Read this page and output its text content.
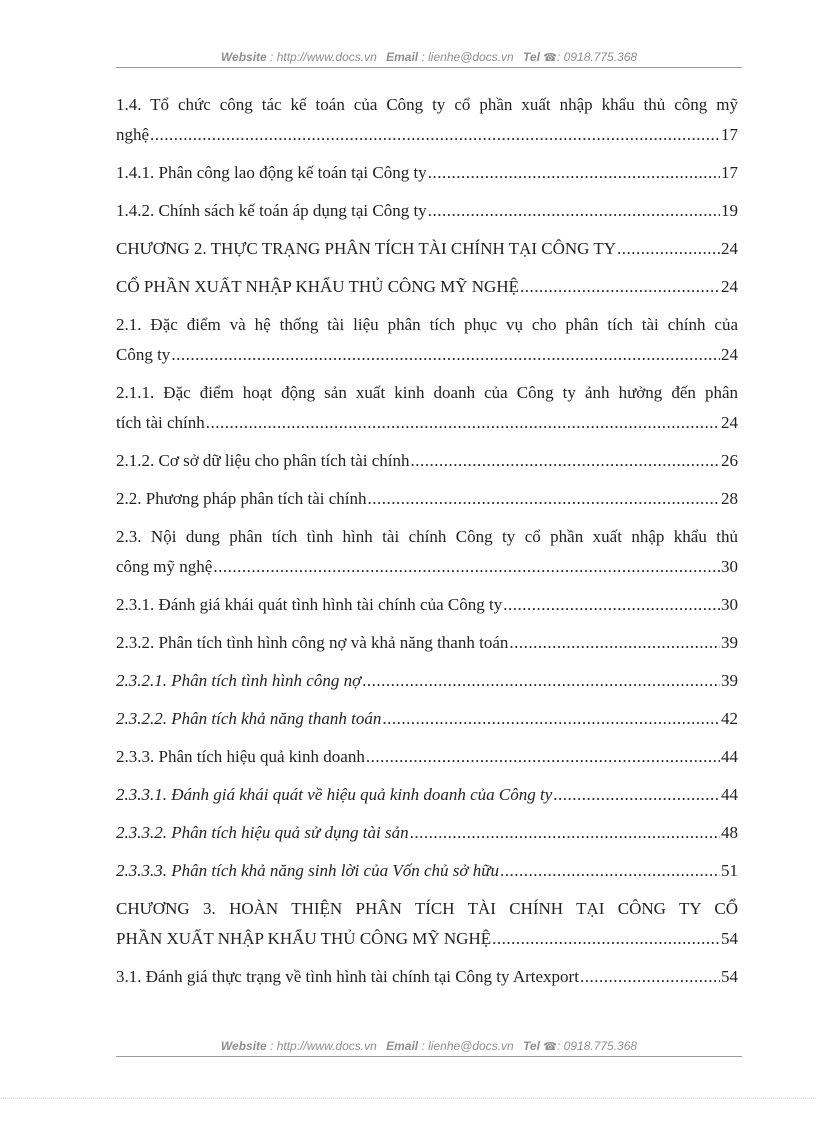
Website : http://www.docs.vn Email : lienhe@docs.vn Tel ☎: 0918.775.368
1.4. Tổ chức công tác kế toán của Công ty cổ phần xuất nhập khẩu thủ công mỹ
nghệ .....	17
1.4.1. Phân công lao động kế toán tại Công ty .....	17
1.4.2. Chính sách kế toán áp dụng tại Công ty .....	19
CHƯƠNG 2. THỰC TRẠNG PHÂN TÍCH TÀI CHÍNH TẠI CÔNG TY .....	24
CỔ PHẦN XUẤT NHẬP KHẨU THỦ CÔNG MỸ NGHỆ .....	24
2.1. Đặc điểm và hệ thống tài liệu phân tích phục vụ cho phân tích tài chính của
Công ty .....	24
2.1.1. Đặc điểm hoạt động sản xuất kinh doanh của Công ty ảnh hưởng đến phân
tích tài chính .....	24
2.1.2. Cơ sở dữ liệu cho phân tích tài chính .....	26
2.2. Phương pháp phân tích tài chính .....	28
2.3. Nội dung phân tích tình hình tài chính Công ty cổ phần xuất nhập khẩu thủ
công mỹ nghệ .....	30
2.3.1. Đánh giá khái quát tình hình tài chính của Công ty .....	30
2.3.2. Phân tích tình hình công nợ và khả năng thanh toán .....	39
2.3.2.1. Phân tích tình hình công nợ .....	39
2.3.2.2. Phân tích khả năng thanh toán .....	42
2.3.3. Phân tích hiệu quả kinh doanh .....	44
2.3.3.1. Đánh giá khái quát về hiệu quả kinh doanh của Công ty .....	44
2.3.3.2. Phân tích hiệu quả sử dụng tài sản .....	48
2.3.3.3. Phân tích khả năng sinh lời của Vốn chủ sở hữu .....	51
CHƯƠNG 3. HOÀN THIỆN PHÂN TÍCH TÀI CHÍNH TẠI CÔNG TY CỔ
PHẦN XUẤT NHẬP KHẨU THỦ CÔNG MỸ NGHỆ .....	54
3.1. Đánh giá thực trạng về tình hình tài chính tại Công ty Artexport .....	54
Website : http://www.docs.vn Email : lienhe@docs.vn Tel ☎: 0918.775.368
